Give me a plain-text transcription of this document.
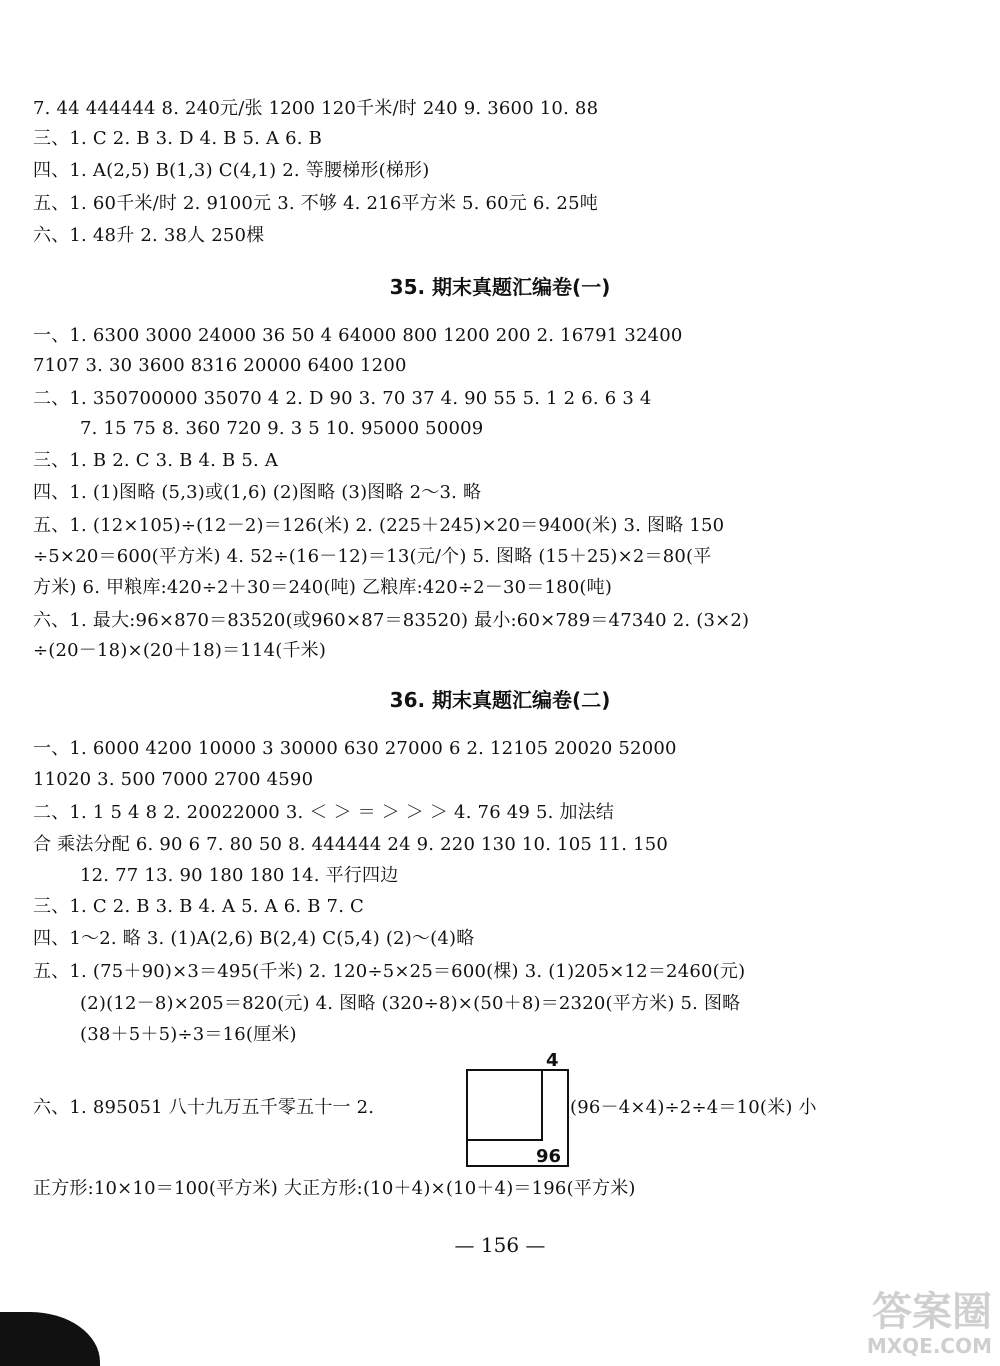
7. 44 444444 8. 240元/张 1200 120千米/时 240 9. 3600 10. 88
三、1. C 2. B 3. D 4. B 5. A 6. B
四、1. A(2,5) B(1,3) C(4,1) 2. 等腰梯形(梯形)
五、1. 60千米/时 2. 9100元 3. 不够 4. 216平方米 5. 60元 6. 25吨
六、1. 48升 2. 38人 250棵
一、1. 6300 3000 24000 36 50 4 64000 800 1200 200 2. 16791 32400
7107 3. 30 3600 8316 20000 6400 1200
二、1. 350700000 35070 4 2. D 90 3. 70 37 4. 90 55 5. 1 2 6. 6 3 4
7. 15 75 8. 360 720 9. 3 5 10. 95000 50009
三、1. B 2. C 3. B 4. B 5. A
四、1. (1)图略 (5,3)或(1,6) (2)图略 (3)图略 2～3. 略
五、1. (12×105)÷(12－2)＝126(米) 2. (225＋245)×20＝9400(米) 3. 图略 150
÷5×20＝600(平方米) 4. 52÷(16－12)＝13(元/个) 5. 图略 (15＋25)×2＝80(平
方米) 6. 甲粮库:420÷2＋30＝240(吨) 乙粮库:420÷2－30＝180(吨)
六、1. 最大:96×870＝83520(或960×87＝83520) 最小:60×789＝47340 2. (3×2)
÷(20－18)×(20＋18)＝114(千米)
一、1. 6000 4200 10000 3 30000 630 27000 6 2. 12105 20020 52000
11020 3. 500 7000 2700 4590
二、1. 1 5 4 8 2. 20022000 3. ＜ ＞ ＝ ＞ ＞ ＞ 4. 76 49 5. 加法结
合 乘法分配 6. 90 6 7. 80 50 8. 444444 24 9. 220 130 10. 105 11. 150
12. 77 13. 90 180 180 14. 平行四边
三、1. C 2. B 3. B 4. A 5. A 6. B 7. C
四、1～2. 略 3. (1)A(2,6) B(2,4) C(5,4) (2)～(4)略
五、1. (75＋90)×3＝495(千米) 2. 120÷5×25＝600(棵) 3. (1)205×12＝2460(元)
(2)(12－8)×205＝820(元) 4. 图略 (320÷8)×(50＋8)＝2320(平方米) 5. 图略
(38＋5＋5)÷3＝16(厘米)
六、1. 895051 八十九万五千零五十一 2.	(96－4×4)÷2÷4＝10(米) 小
正方形:10×10＝100(平方米) 大正方形:(10＋4)×(10＋4)＝196(平方米)
35. 期末真题汇编卷(一)
36. 期末真题汇编卷(二)
4
96
— 156 —
答案圈
MXQE.COM
